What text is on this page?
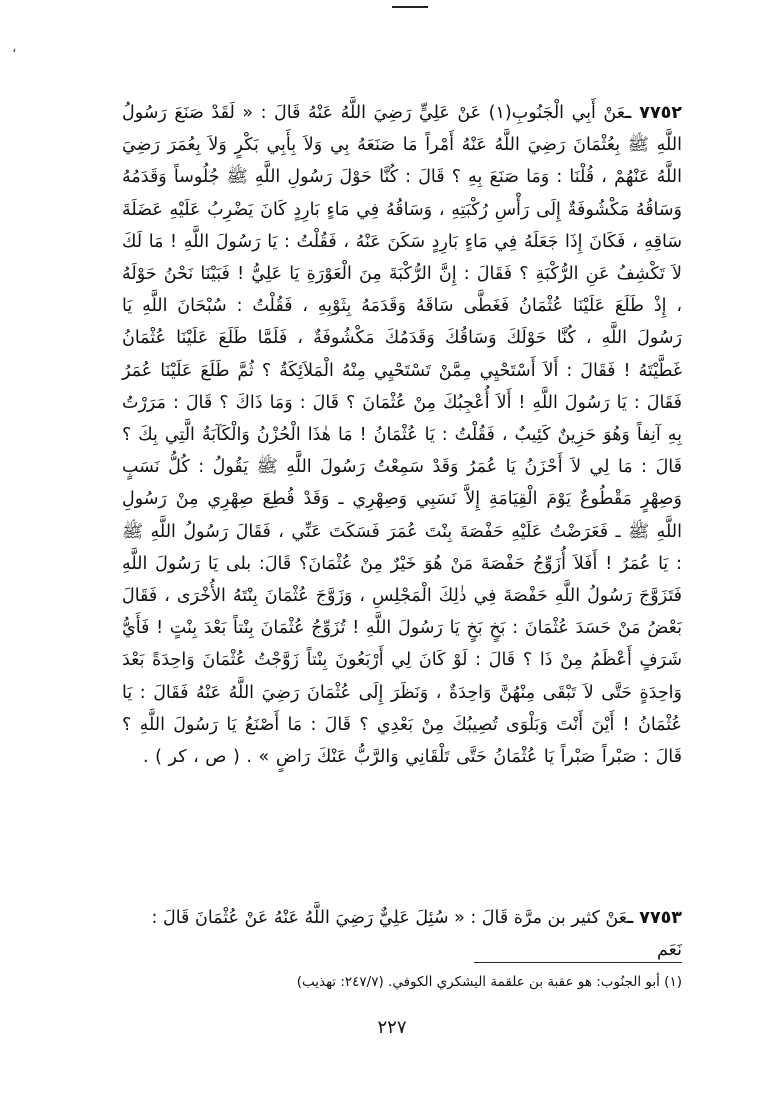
،

٧٧٥٢ ـعَنْ أَبِي الْجَنُوبِ(١) عَنْ عَلِيٍّ رَضِيَ اللَّهُ عَنْهُ قَالَ : « لَقَدْ صَنَعَ رَسُولُ اللَّهِ ﷺ بِعُثْمَانَ رَضِيَ اللَّهُ عَنْهُ أَمْراً مَا صَنَعَهُ بِي وَلاَ بِأَبِي بَكْرٍ وَلاَ بِعُمَرَ رَضِيَ اللَّهُ عَنْهُمْ ، قُلْنَا : وَمَا صَنَعَ بِهِ ؟ قَالَ : كُنَّا حَوْلَ رَسُولِ اللَّهِ ﷺ جُلُوساً وَقَدَمُهُ وَسَاقُهُ مَكْشُوفَةٌ إِلَى رَأْسِ رُكْبَتِهِ ، وَسَاقُهُ فِي مَاءٍ بَارِدٍ كَانَ يَضْرِبُ عَلَيْهِ عَضَلَةَ سَاقِهِ ، فَكَانَ إِذَا جَعَلَهُ فِي مَاءٍ بَارِدٍ سَكَنَ عَنْهُ ، فَقُلْتُ : يَا رَسُولَ اللَّهِ ! مَا لَكَ لاَ تَكْشِفُ عَنِ الرُّكْبَةِ ؟ فَقَالَ : إِنَّ الرُّكْبَةَ مِنَ الْعَوْرَةِ يَا عَلِيُّ ! فَبَيْنَا نَحْنُ حَوْلَهُ ، إِذْ طَلَعَ عَلَيْنَا عُثْمَانُ فَغَطَّى سَاقَهُ وَقَدَمَهُ بِثَوْبِهِ ، فَقُلْتُ : سُبْحَانَ اللَّهِ يَا رَسُولَ اللَّهِ ، كُنَّا حَوْلَكَ وَسَاقُكَ وَقَدَمُكَ مَكْشُوفَةٌ ، فَلَمَّا طَلَعَ عَلَيْنَا عُثْمَانُ غَطَّيْتَهُ ! فَقَالَ : أَلاَ أَسْتَحْيِي مِمَّنْ تَسْتَحْيِي مِنْهُ الْمَلاَئِكَةُ ؟ ثُمَّ طَلَعَ عَلَيْنَا عُمَرُ فَقَالَ : يَا رَسُولَ اللَّهِ ! أَلاَ أُعْجِبُكَ مِنْ عُثْمَانَ ؟ قَالَ : وَمَا ذَاكَ ؟ قَالَ : مَرَرْتُ بِهِ آنِفاً وَهُوَ حَزِينٌ كَئِيبٌ ، فَقُلْتُ : يَا عُثْمَانُ ! مَا هٰذَا الْحُزْنُ وَالْكَآبَةُ الَّتِي بِكَ ؟ قَالَ : مَا لِي لاَ أَحْزَنُ يَا عُمَرُ وَقَدْ سَمِعْتُ رَسُولَ اللَّهِ ﷺ يَقُولُ : كُلُّ نَسَبٍ وَصِهْرٍ مَقْطُوعٌ يَوْمَ الْقِيَامَةِ إِلاَّ نَسَبِي وَصِهْرِي ـ وَقَدْ قُطِعَ صِهْرِي مِنْ رَسُولِ اللَّهِ ﷺ ـ فَعَرَضْتُ عَلَيْهِ حَفْصَةَ بِنْتَ عُمَرَ فَسَكَتَ عَنِّي ، فَقَالَ رَسُولُ اللَّهِ ﷺ : يَا عُمَرُ ! أَفَلاَ أُزَوِّجُ حَفْصَةَ مَنْ هُوَ خَيْرٌ مِنْ عُثْمَانَ؟ قَالَ: بلى يَا رَسُولَ اللَّهِ فَتَزَوَّجَ رَسُولُ اللَّهِ حَفْصَةَ فِي ذٰلِكَ الْمَجْلِسِ ، وَزَوَّجَ عُثْمَانَ بِنْتَهُ الأُخْرَى ، فَقَالَ بَعْضُ مَنْ حَسَدَ عُثْمَانَ : بَخٍ بَخٍ يَا رَسُولَ اللَّهِ ! تُزَوِّجُ عُثْمَانَ بِنْتاً بَعْدَ بِنْتٍ ! فَأَيُّ شَرَفٍ أَعْظَمُ مِنْ ذَا ؟ قَالَ : لَوْ كَانَ لِي أَرْبَعُونَ بِنْتاً زَوَّجْتُ عُثْمَانَ وَاحِدَةً بَعْدَ وَاحِدَةٍ حَتَّى لاَ تَبْقَى مِنْهُنَّ وَاحِدَةٌ ، وَنَظَرَ إِلَى عُثْمَانَ رَضِيَ اللَّهُ عَنْهُ فَقَالَ : يَا عُثْمَانُ ! أَيْنَ أَنْتَ وَبَلْوَى تُصِيبُكَ مِنْ بَعْدِي ؟ قَالَ : مَا أَصْنَعُ يَا رَسُولَ اللَّهِ ؟ قَالَ : صَبْراً صَبْراً يَا عُثْمَانُ حَتَّى تَلْقَانِي وَالرَّبُّ عَنْكَ رَاضٍ » . ( ص ، كر ) .

٧٧٥٣ ـعَنْ كثير بن مرَّة قَالَ : « سُئِلَ عَلِيٌّ رَضِيَ اللَّهُ عَنْهُ عَنْ عُثْمَانَ قَالَ : نَعَم
(١) أبو الجنُوب: هو عقبة بن علقمة اليشكري الكوفي. (٢٤٧/٧: تهذيب)
٢٢٧
